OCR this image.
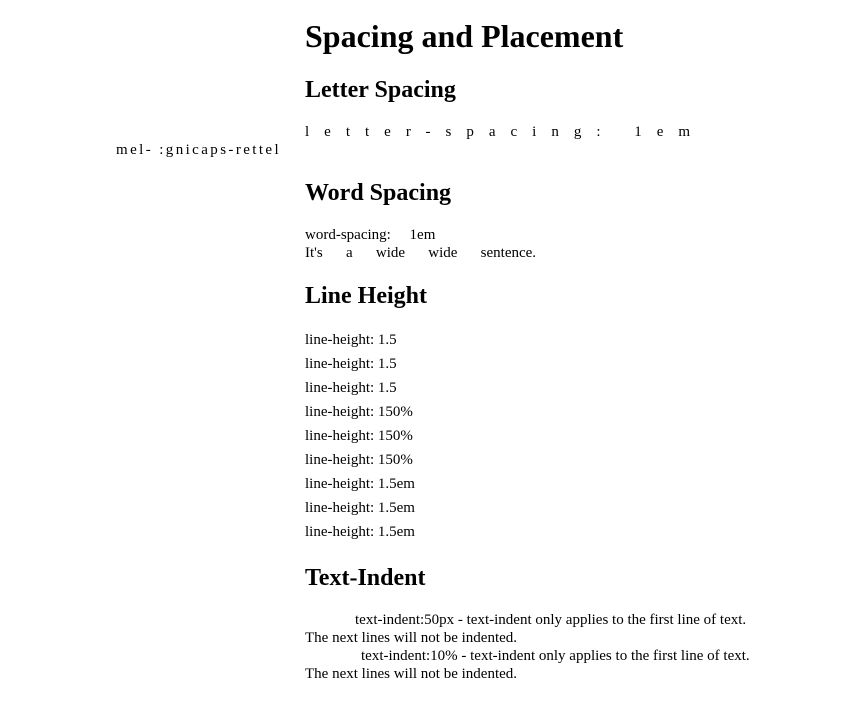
mel- :gnicaps-rettel
Spacing and Placement
Letter Spacing
letter-spacing: 1em
Word Spacing
word-spacing: 1em
It's a wide wide sentence.
Line Height
line-height: 1.5
line-height: 1.5
line-height: 1.5
line-height: 150%
line-height: 150%
line-height: 150%
line-height: 1.5em
line-height: 1.5em
line-height: 1.5em
Text-Indent
text-indent:50px - text-indent only applies to the first line of text.
The next lines will not be indented.
text-indent:10% - text-indent only applies to the first line of text.
The next lines will not be indented.
